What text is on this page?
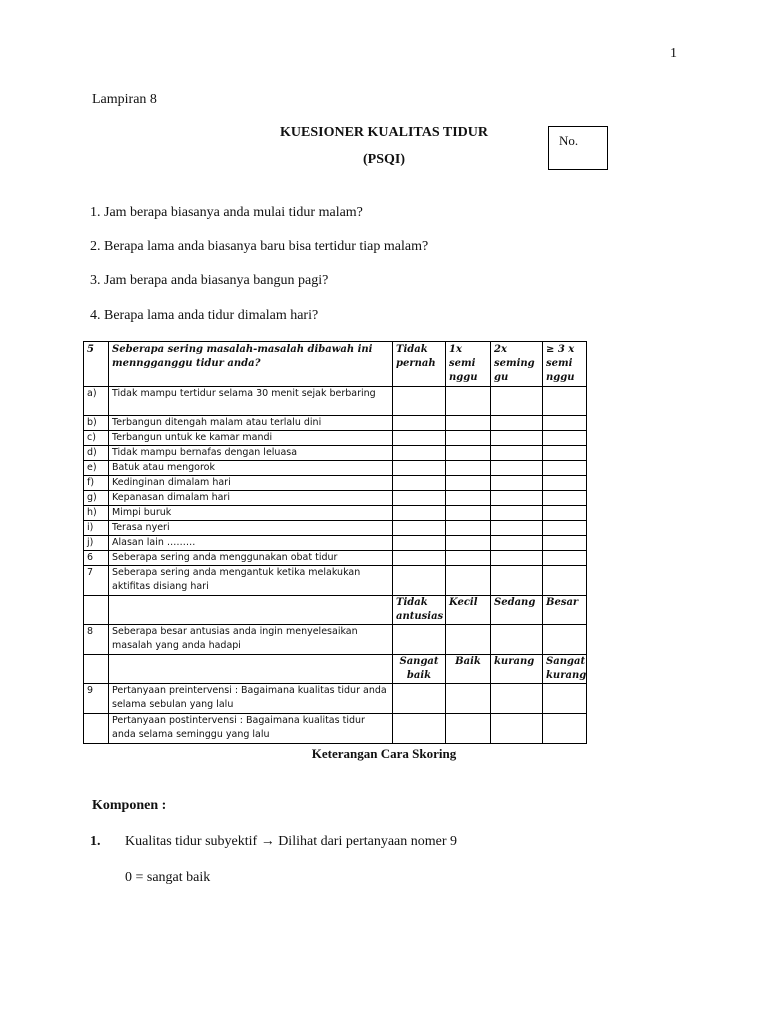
1
Lampiran 8
KUESIONER KUALITAS TIDUR
(PSQI)
No.
1. Jam berapa biasanya anda mulai tidur malam?
2. Berapa lama anda biasanya baru bisa tertidur tiap malam?
3. Jam berapa anda biasanya bangun pagi?
4. Berapa lama anda tidur dimalam hari?
5	Seberapa sering masalah-masalah dibawah ini menngganggu tidur anda?	Tidak pernah	1x semi nggu	2x seming gu	≥ 3 x semi nggu
a)	Tidak mampu tertidur selama 30 menit sejak berbaring				
b)	Terbangun ditengah malam atau terlalu dini				
c)	Terbangun untuk ke kamar mandi				
d)	Tidak mampu bernafas dengan leluasa				
e)	Batuk atau mengorok				
f)	Kedinginan dimalam hari				
g)	Kepanasan dimalam hari				
h)	Mimpi buruk				
i)	Terasa nyeri				
j)	Alasan lain ………				
6	Seberapa sering anda menggunakan obat tidur				
7	Seberapa sering anda mengantuk ketika melakukan aktifitas disiang hari				
		Tidak antusias	Kecil	Sedang	Besar
8	Seberapa besar antusias anda ingin menyelesaikan masalah yang anda hadapi				
		Sangat baik	Baik	kurang	Sangat kurang
9	Pertanyaan preintervensi : Bagaimana kualitas tidur anda selama sebulan yang lalu				
	Pertanyaan postintervensi : Bagaimana kualitas tidur anda selama seminggu yang lalu				
Keterangan Cara Skoring
Komponen :
1. Kualitas tidur subyektif → Dilihat dari pertanyaan nomer 9
0 = sangat baik
